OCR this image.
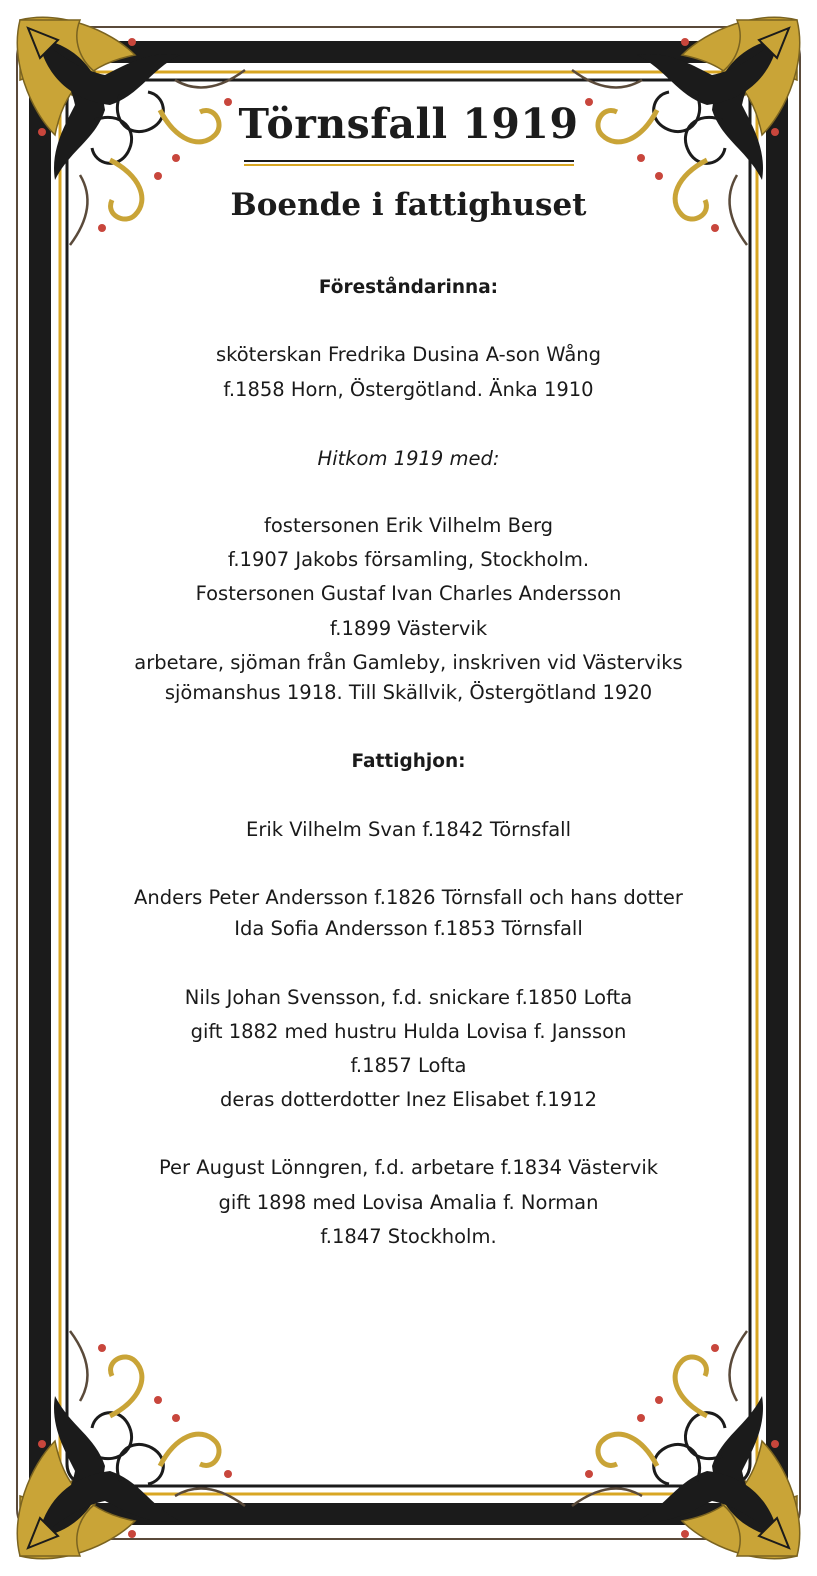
Törnsfall 1919
Boende i fattighuset
Föreståndarinna:
sköterskan Fredrika Dusina A-son Wång
f.1858 Horn, Östergötland. Änka 1910
Hitkom 1919 med:
fostersonen Erik Vilhelm Berg
f.1907 Jakobs församling, Stockholm.
Fostersonen Gustaf Ivan Charles Andersson
f.1899 Västervik
arbetare, sjöman från Gamleby, inskriven vid Västerviks
sjömanshus 1918. Till Skällvik, Östergötland 1920
Fattighjon:
Erik Vilhelm Svan f.1842 Törnsfall
Anders Peter Andersson f.1826 Törnsfall och hans dotter
Ida Sofia Andersson f.1853 Törnsfall
Nils Johan Svensson, f.d. snickare f.1850 Lofta
gift 1882 med hustru Hulda Lovisa f. Jansson
f.1857 Lofta
deras dotterdotter Inez Elisabet f.1912
Per August Lönngren, f.d. arbetare f.1834 Västervik
gift 1898 med Lovisa Amalia f. Norman
f.1847 Stockholm.
